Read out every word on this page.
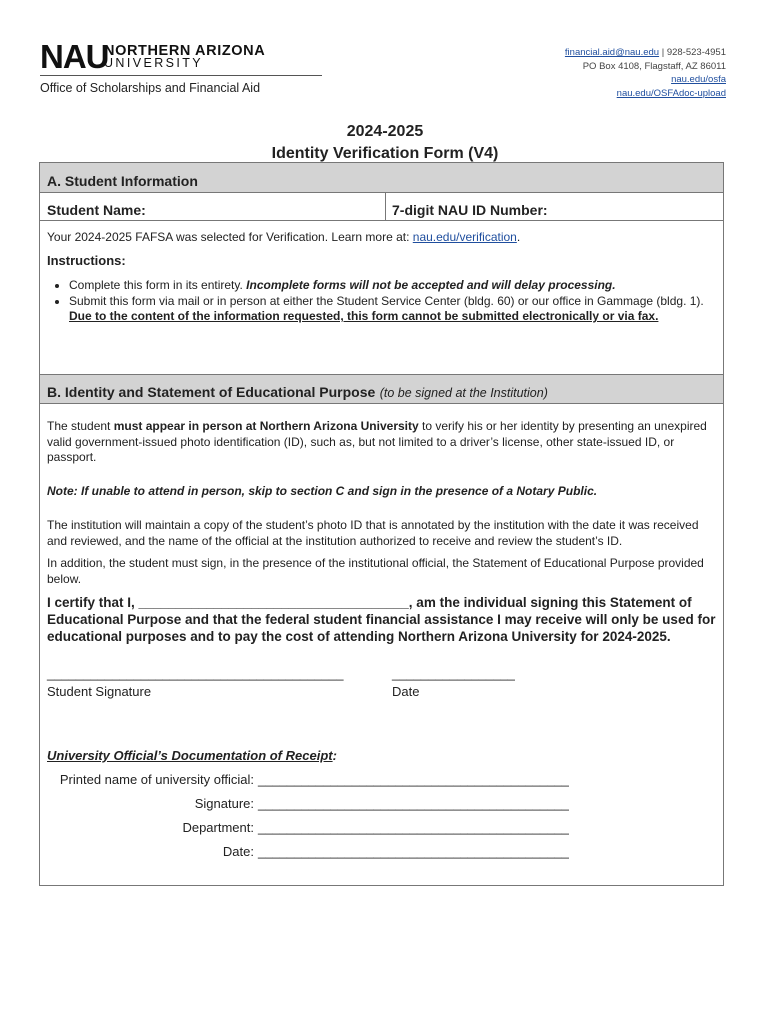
NAU
NORTHERN ARIZONA
UNIVERSITY
Office of Scholarships and Financial Aid
financial.aid@nau.edu | 928-523-4951
PO Box 4108, Flagstaff, AZ 86011
nau.edu/osfa
nau.edu/OSFAdoc-upload
2024-2025
Identity Verification Form (V4)
A. Student Information
Student Name:	7-digit NAU ID Number:
Your 2024-2025 FAFSA was selected for Verification. Learn more at: nau.edu/verification.
Instructions:
• Complete this form in its entirety. Incomplete forms will not be accepted and will delay processing.
• Submit this form via mail or in person at either the Student Service Center (bldg. 60) or our office in Gammage (bldg. 1). Due to the content of the information requested, this form cannot be submitted electronically or via fax.
B. Identity and Statement of Educational Purpose (to be signed at the Institution)
The student must appear in person at Northern Arizona University to verify his or her identity by presenting an unexpired valid government-issued photo identification (ID), such as, but not limited to a driver’s license, other state-issued ID, or passport.
Note: If unable to attend in person, skip to section C and sign in the presence of a Notary Public.
The institution will maintain a copy of the student’s photo ID that is annotated by the institution with the date it was received and reviewed, and the name of the official at the institution authorized to receive and review the student’s ID.
In addition, the student must sign, in the presence of the institutional official, the Statement of Educational Purpose provided below.
I certify that I, ____________________________________, am the individual signing this Statement of Educational Purpose and that the federal student financial assistance I may receive will only be used for educational purposes and to pay the cost of attending Northern Arizona University for 2024-2025.
_________________________________________	_________________
Student Signature	Date
University Official’s Documentation of Receipt:
Printed name of university official: ___________________________________________
Signature: ___________________________________________
Department: ___________________________________________
Date: ___________________________________________
